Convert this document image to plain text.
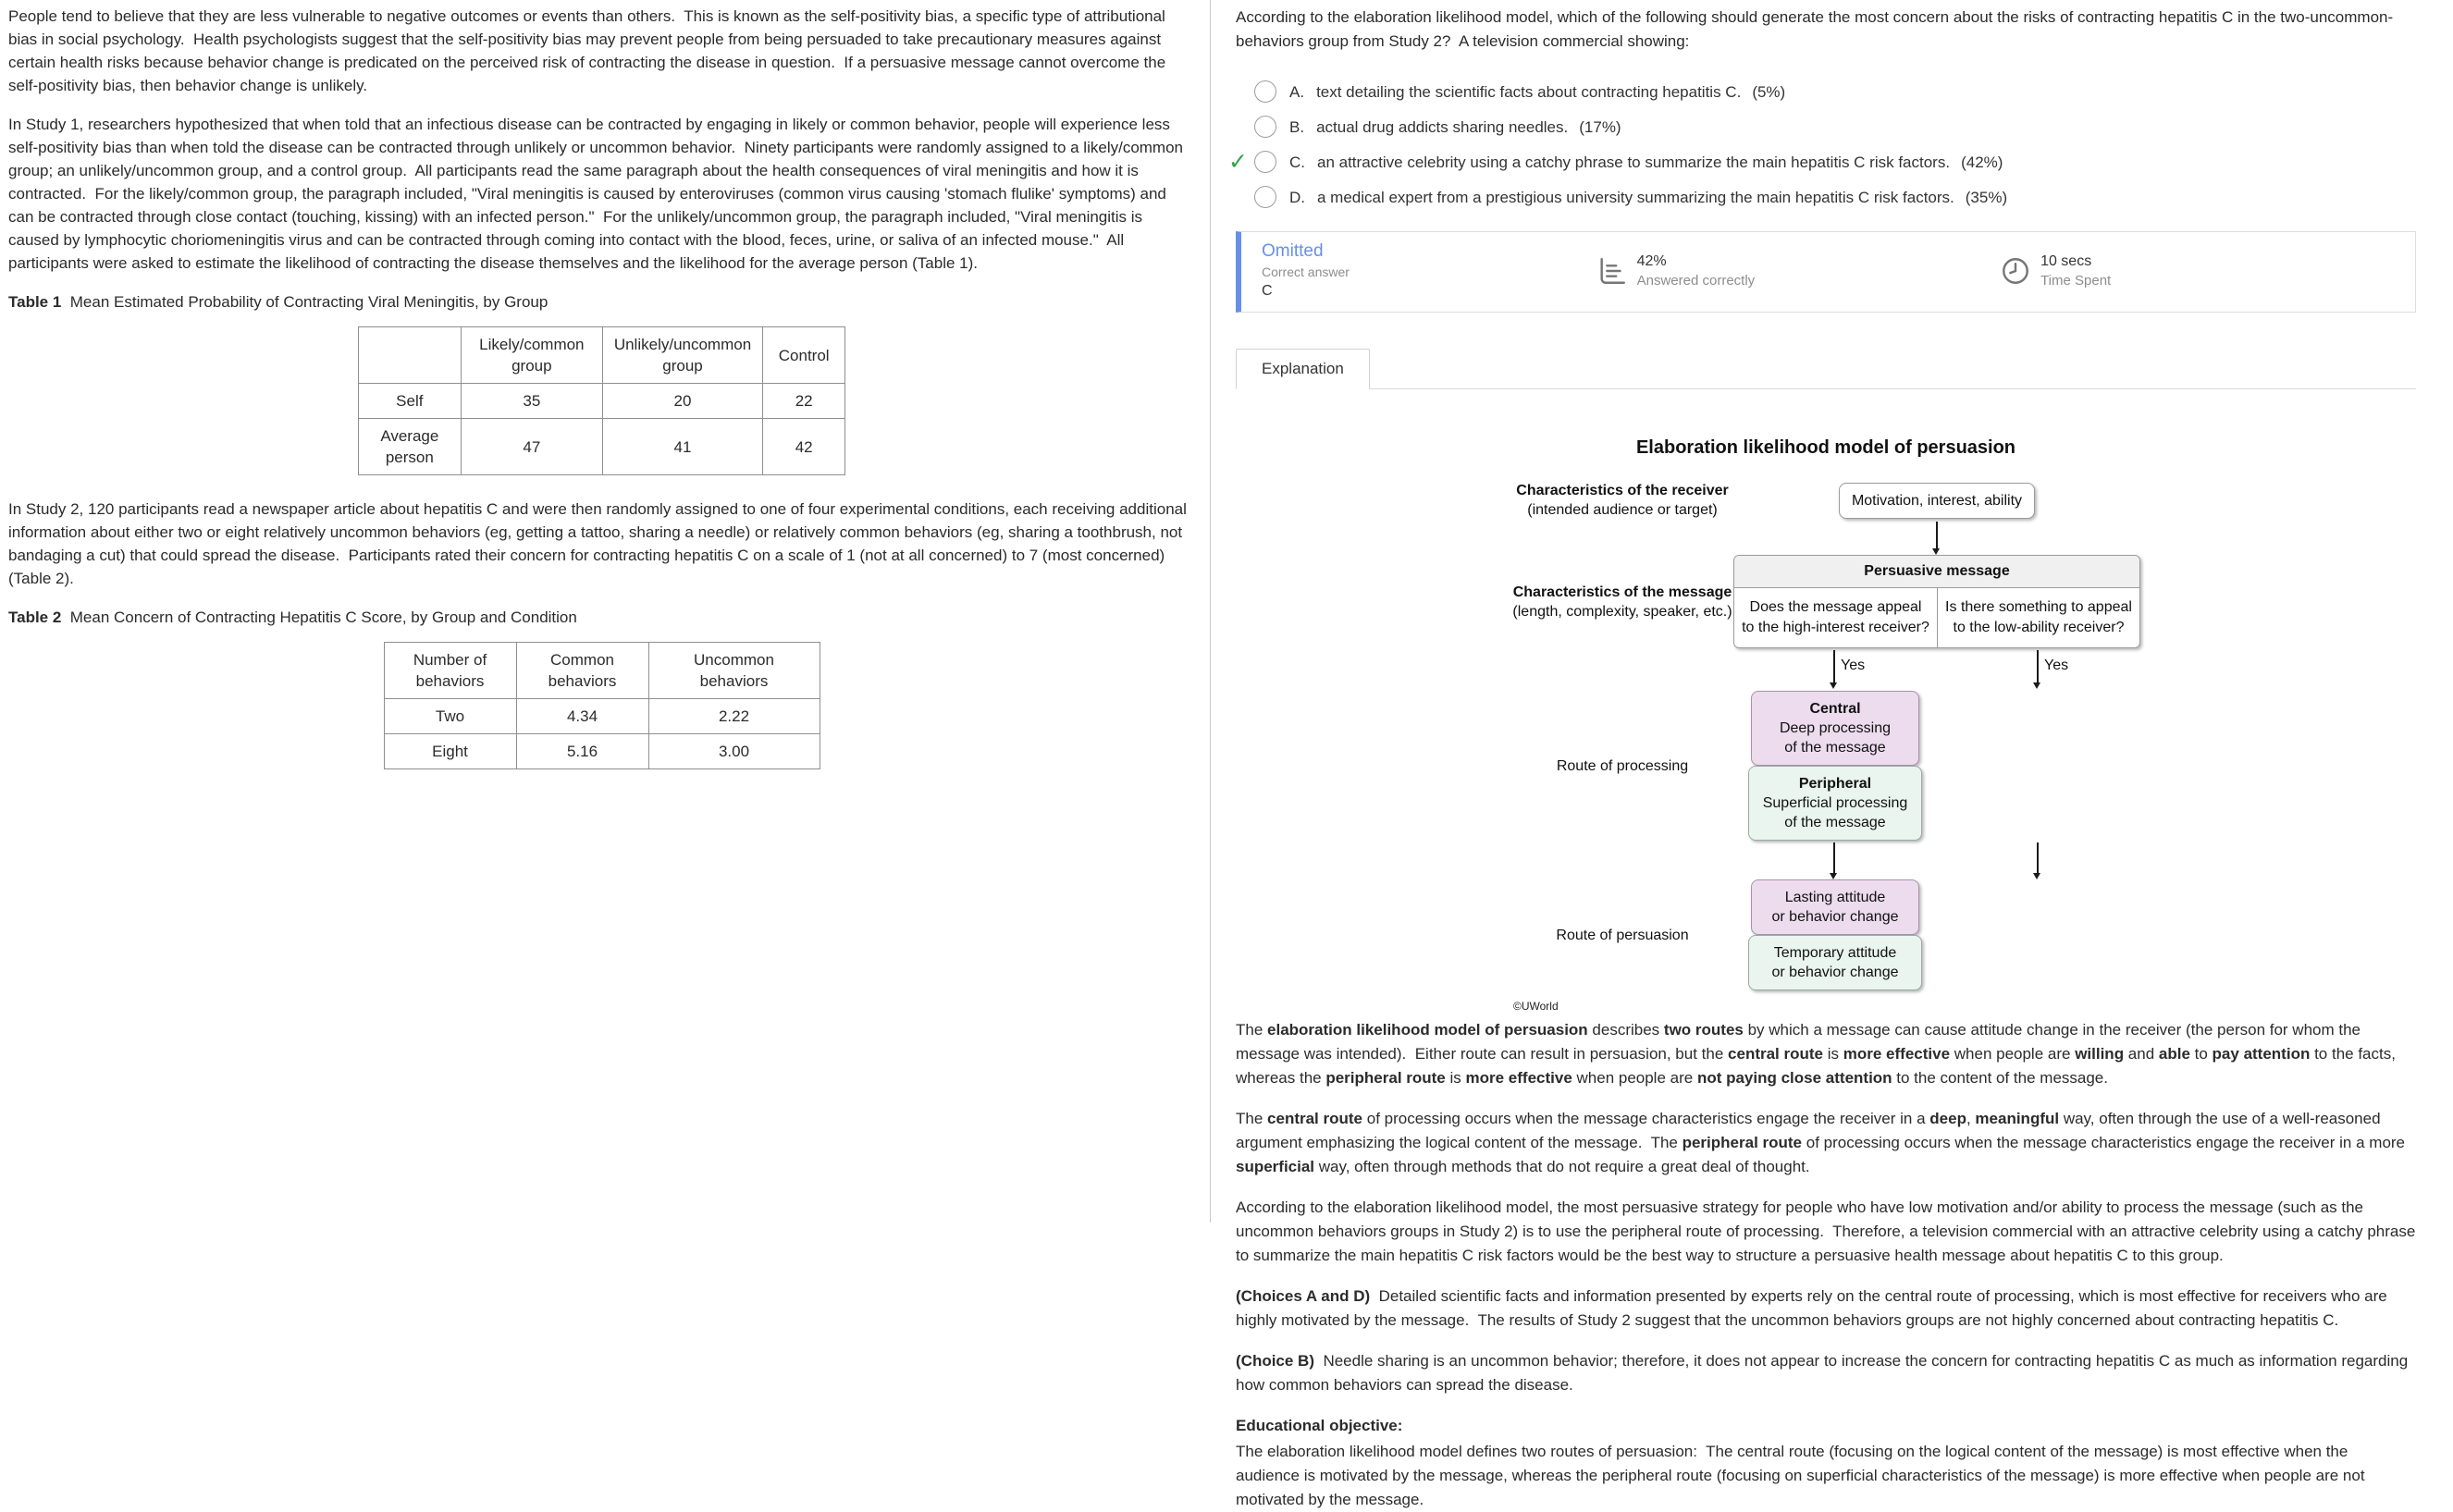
People tend to believe that they are less vulnerable to negative outcomes or events than others.  This is known as the self-positivity bias, a specific type of attributional bias in social psychology.  Health psychologists suggest that the self-positivity bias may prevent people from being persuaded to take precautionary measures against certain health risks because behavior change is predicated on the perceived risk of contracting the disease in question.  If a persuasive message cannot overcome the self-positivity bias, then behavior change is unlikely.

In Study 1, researchers hypothesized that when told that an infectious disease can be contracted by engaging in likely or common behavior, people will experience less self-positivity bias than when told the disease can be contracted through unlikely or uncommon behavior.  Ninety participants were randomly assigned to a likely/common group; an unlikely/uncommon group, and a control group.  All participants read the same paragraph about the health consequences of viral meningitis and how it is contracted.  For the likely/common group, the paragraph included, "Viral meningitis is caused by enteroviruses (common virus causing 'stomach flulike' symptoms) and can be contracted through close contact (touching, kissing) with an infected person."  For the unlikely/uncommon group, the paragraph included, "Viral meningitis is caused by lymphocytic choriomeningitis virus and can be contracted through coming into contact with the blood, feces, urine, or saliva of an infected mouse."  All participants were asked to estimate the likelihood of contracting the disease themselves and the likelihood for the average person (Table 1).

Table 1  Mean Estimated Probability of Contracting Viral Meningitis, by Group
	Likely/common group	Unlikely/uncommon group	Control
Self	35	20	22
Average person	47	41	42

In Study 2, 120 participants read a newspaper article about hepatitis C and were then randomly assigned to one of four experimental conditions, each receiving additional information about either two or eight relatively uncommon behaviors (eg, getting a tattoo, sharing a needle) or relatively common behaviors (eg, sharing a toothbrush, not bandaging a cut) that could spread the disease.  Participants rated their concern for contracting hepatitis C on a scale of 1 (not at all concerned) to 7 (most concerned) (Table 2).

Table 2  Mean Concern of Contracting Hepatitis C Score, by Group and Condition
Number of behaviors	Common behaviors	Uncommon behaviors
Two	4.34	2.22
Eight	5.16	3.00

According to the elaboration likelihood model, which of the following should generate the most concern about the risks of contracting hepatitis C in the two-uncommon-behaviors group from Study 2?  A television commercial showing:

A. text detailing the scientific facts about contracting hepatitis C. (5%)
B. actual drug addicts sharing needles. (17%)
✓	C. an attractive celebrity using a catchy phrase to summarize the main hepatitis C risk factors. (42%)
D. a medical expert from a prestigious university summarizing the main hepatitis C risk factors. (35%)
Omitted
Correct answer
C
42%
Answered correctly
10 secs
Time Spent
Explanation
Elaboration likelihood model of persuasion
Characteristics of the receiver
(intended audience or target)
Motivation, interest, ability
Characteristics of the message
(length, complexity, speaker, etc.)
Persuasive message
Does the message appeal to the high-interest receiver?
Is there something to appeal to the low-ability receiver?
Yes	Yes
Route of processing
Central
Deep processing
of the message

Peripheral
Superficial processing
of the message
Route of persuasion
Lasting attitude
or behavior change

Temporary attitude
or behavior change
©UWorld

The elaboration likelihood model of persuasion describes two routes by which a message can cause attitude change in the receiver (the person for whom the message was intended).  Either route can result in persuasion, but the central route is more effective when people are willing and able to pay attention to the facts, whereas the peripheral route is more effective when people are not paying close attention to the content of the message.

The central route of processing occurs when the message characteristics engage the receiver in a deep, meaningful way, often through the use of a well-reasoned argument emphasizing the logical content of the message.  The peripheral route of processing occurs when the message characteristics engage the receiver in a more superficial way, often through methods that do not require a great deal of thought.

According to the elaboration likelihood model, the most persuasive strategy for people who have low motivation and/or ability to process the message (such as the uncommon behaviors groups in Study 2) is to use the peripheral route of processing.  Therefore, a television commercial with an attractive celebrity using a catchy phrase to summarize the main hepatitis C risk factors would be the best way to structure a persuasive health message about hepatitis C to this group.

(Choices A and D)  Detailed scientific facts and information presented by experts rely on the central route of processing, which is most effective for receivers who are highly motivated by the message.  The results of Study 2 suggest that the uncommon behaviors groups are not highly concerned about contracting hepatitis C.

(Choice B)  Needle sharing is an uncommon behavior; therefore, it does not appear to increase the concern for contracting hepatitis C as much as information regarding how common behaviors can spread the disease.

Educational objective:

The elaboration likelihood model defines two routes of persuasion:  The central route (focusing on the logical content of the message) is most effective when the audience is motivated by the message, whereas the peripheral route (focusing on superficial characteristics of the message) is more effective when people are not motivated by the message.
